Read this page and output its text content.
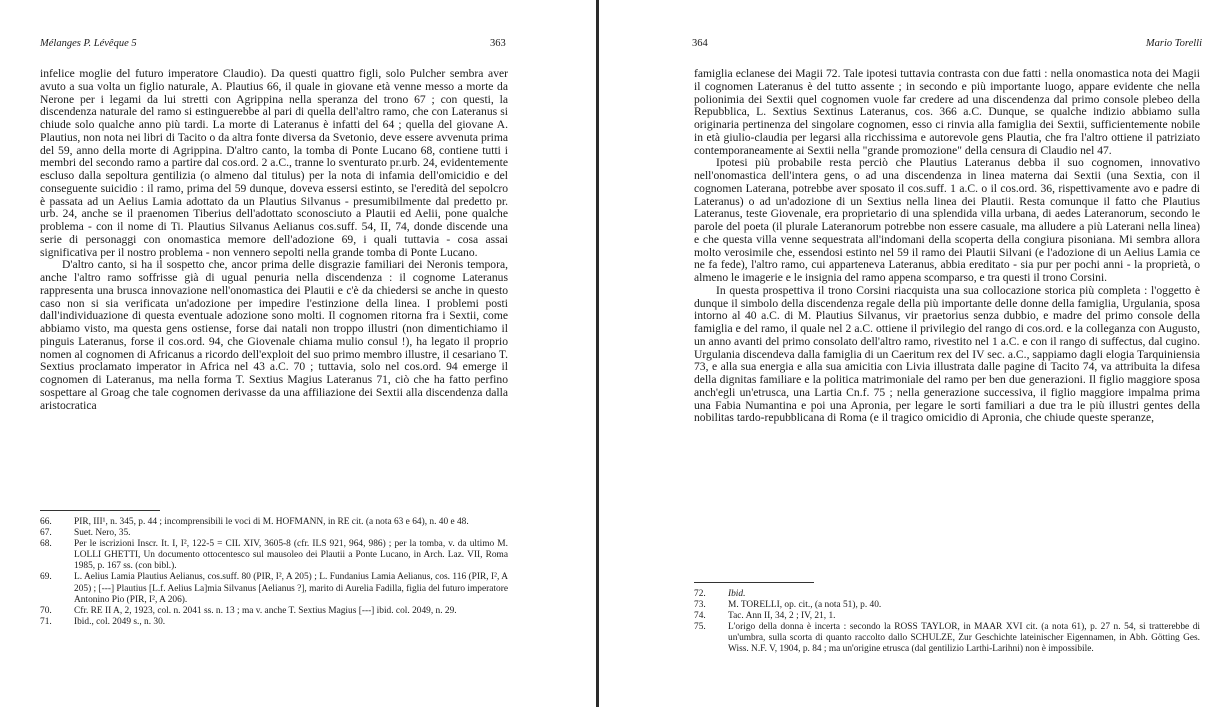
Mélanges P. Lévêque 5	363

infelice moglie del futuro imperatore Claudio). Da questi quattro figli, solo Pulcher sembra aver avuto a sua volta un figlio naturale, A. Plautius 66, il quale in giovane età venne messo a morte da Nerone per i legami da lui stretti con Agrippina nella speranza del trono 67 ; con questi, la discendenza naturale del ramo si estinguerebbe al pari di quella dell'altro ramo, che con Lateranus si chiude solo qualche anno più tardi. La morte di Lateranus è infatti del 64 ; quella del giovane A. Plautius, non nota nei libri di Tacito o da altra fonte diversa da Svetonio, deve essere avvenuta prima del 59, anno della morte di Agrippina. D'altro canto, la tomba di Ponte Lucano 68, contiene tutti i membri del secondo ramo a partire dal cos.ord. 2 a.C., tranne lo sventurato pr.urb. 24, evidentemente escluso dalla sepoltura gentilizia (o almeno dal titulus) per la nota di infamia dell'omicidio e del conseguente suicidio : il ramo, prima del 59 dunque, doveva essersi estinto, se l'eredità del sepolcro è passata ad un Aelius Lamia adottato da un Plautius Silvanus - presumibilmente dal predetto pr. urb. 24, anche se il praenomen Tiberius dell'adottato sconosciuto a Plautii ed Aelii, pone qualche problema - con il nome di Ti. Plautius Silvanus Aelianus cos.suff. 54, II, 74, donde discende una serie di personaggi con onomastica memore dell'adozione 69, i quali tuttavia - cosa assai significativa per il nostro problema - non vennero sepolti nella grande tomba di Ponte Lucano.

D'altro canto, si ha il sospetto che, ancor prima delle disgrazie familiari dei Neronis tempora, anche l'altro ramo soffrisse già di ugual penuria nella discendenza : il cognome Lateranus rappresenta una brusca innovazione nell'onomastica dei Plautii e c'è da chiedersi se anche in questo caso non si sia verificata un'adozione per impedire l'estinzione della linea. I problemi posti dall'individuazione di questa eventuale adozione sono molti. Il cognomen ritorna fra i Sextii, come abbiamo visto, ma questa gens ostiense, forse dai natali non troppo illustri (non dimentichiamo il pinguis Lateranus, forse il cos.ord. 94, che Giovenale chiama mulio consul !), ha legato il proprio nomen al cognomen di Africanus a ricordo dell'exploit del suo primo membro illustre, il cesariano T. Sextius proclamato imperator in Africa nel 43 a.C. 70 ; tuttavia, solo nel cos.ord. 94 emerge il cognomen di Lateranus, ma nella forma T. Sextius Magius Lateranus 71, ciò che ha fatto perfino sospettare al Groag che tale cognomen derivasse da una affiliazione dei Sextii alla discendenza dalla aristocratica

66. PIR, III¹, n. 345, p. 44 ; incomprensibili le voci di M. HOFMANN, in RE cit. (a nota 63 e 64), n. 40 e 48.
67. Suet. Nero, 35.
68. Per le iscrizioni Inscr. It. I, I², 122-5 = CIL XIV, 3605-8 (cfr. ILS 921, 964, 986) ; per la tomba, v. da ultimo M. LOLLI GHETTI, Un documento ottocentesco sul mausoleo dei Plautii a Ponte Lucano, in Arch. Laz. VII, Roma 1985, p. 167 ss. (con bibl.).
69. L. Aelius Lamia Plautius Aelianus, cos.suff. 80 (PIR, I², A 205) ; L. Fundanius Lamia Aelianus, cos. 116 (PIR, I², A 205) ; [---] Plautius [L.f. Aelius La]mia Silvanus [Aelianus ?], marito di Aurelia Fadilla, figlia del futuro imperatore Antonino Pio (PIR, I², A 206).
70. Cfr. RE II A, 2, 1923, col. n. 2041 ss. n. 13 ; ma v. anche T. Sextius Magius [---] ibid. col. 2049, n. 29.
71. Ibid., col. 2049 s., n. 30.
364	Mario Torelli

famiglia eclanese dei Magii 72. Tale ipotesi tuttavia contrasta con due fatti : nella onomastica nota dei Magii il cognomen Lateranus è del tutto assente ; in secondo e più importante luogo, appare evidente che nella polionimia dei Sextii quel cognomen vuole far credere ad una discendenza dal primo console plebeo della Repubblica, L. Sextius Sextinus Lateranus, cos. 366 a.C. Dunque, se qualche indizio abbiamo sulla originaria pertinenza del singolare cognomen, esso ci rinvia alla famiglia dei Sextii, sufficientemente nobile in età giulio-claudia per legarsi alla ricchissima e autorevole gens Plautia, che fra l'altro ottiene il patriziato contemporaneamente ai Sextii nella "grande promozione" della censura di Claudio nel 47.

Ipotesi più probabile resta perciò che Plautius Lateranus debba il suo cognomen, innovativo nell'onomastica dell'intera gens, o ad una discendenza in linea materna dai Sextii (una Sextia, con il cognomen Laterana, potrebbe aver sposato il cos.suff. 1 a.C. o il cos.ord. 36, rispettivamente avo e padre di Lateranus) o ad un'adozione di un Sextius nella linea dei Plautii. Resta comunque il fatto che Plautius Lateranus, teste Giovenale, era proprietario di una splendida villa urbana, di aedes Lateranorum, secondo le parole del poeta (il plurale Lateranorum potrebbe non essere casuale, ma alludere a più Laterani nella linea) e che questa villa venne sequestrata all'indomani della scoperta della congiura pisoniana. Mi sembra allora molto verosimile che, essendosi estinto nel 59 il ramo dei Plautii Silvani (e l'adozione di un Aelius Lamia ce ne fa fede), l'altro ramo, cui apparteneva Lateranus, abbia ereditato - sia pur per pochi anni - la proprietà, o almeno le imagerie e le insignia del ramo appena scomparso, e tra questi il trono Corsini.

In questa prospettiva il trono Corsini riacquista una sua collocazione storica più completa : l'oggetto è dunque il simbolo della discendenza regale della più importante delle donne della famiglia, Urgulania, sposa intorno al 40 a.C. di M. Plautius Silvanus, vir praetorius senza dubbio, e madre del primo console della famiglia e del ramo, il quale nel 2 a.C. ottiene il privilegio del rango di cos.ord. e la colleganza con Augusto, un anno avanti del primo consolato dell'altro ramo, rivestito nel 1 a.C. e con il rango di suffectus, dal cugino. Urgulania discendeva dalla famiglia di un Caeritum rex del IV sec. a.C., sappiamo dagli elogia Tarquiniensia 73, e alla sua energia e alla sua amicitia con Livia illustrata dalle pagine di Tacito 74, va attribuita la difesa della dignitas familiare e la politica matrimoniale del ramo per ben due generazioni. Il figlio maggiore sposa anch'egli un'etrusca, una Lartia Cn.f. 75 ; nella generazione successiva, il figlio maggiore impalma prima una Fabia Numantina e poi una Apronia, per legare le sorti familiari a due tra le più illustri gentes della nobilitas tardo-repubblicana di Roma (e il tragico omicidio di Apronia, che chiude queste speranze,

72. Ibid.
73. M. TORELLI, op. cit., (a nota 51), p. 40.
74. Tac. Ann II, 34, 2 ; IV, 21, 1.
75. L'origo della donna è incerta : secondo la ROSS TAYLOR, in MAAR XVI cit. (a nota 61), p. 27 n. 54, si tratterebbe di un'umbra, sulla scorta di quanto raccolto dallo SCHULZE, Zur Geschichte lateinischer Eigennamen, in Abh. Götting Ges. Wiss. N.F. V, 1904, p. 84 ; ma un'origine etrusca (dal gentilizio Larthi-Larihni) non è impossibile.
